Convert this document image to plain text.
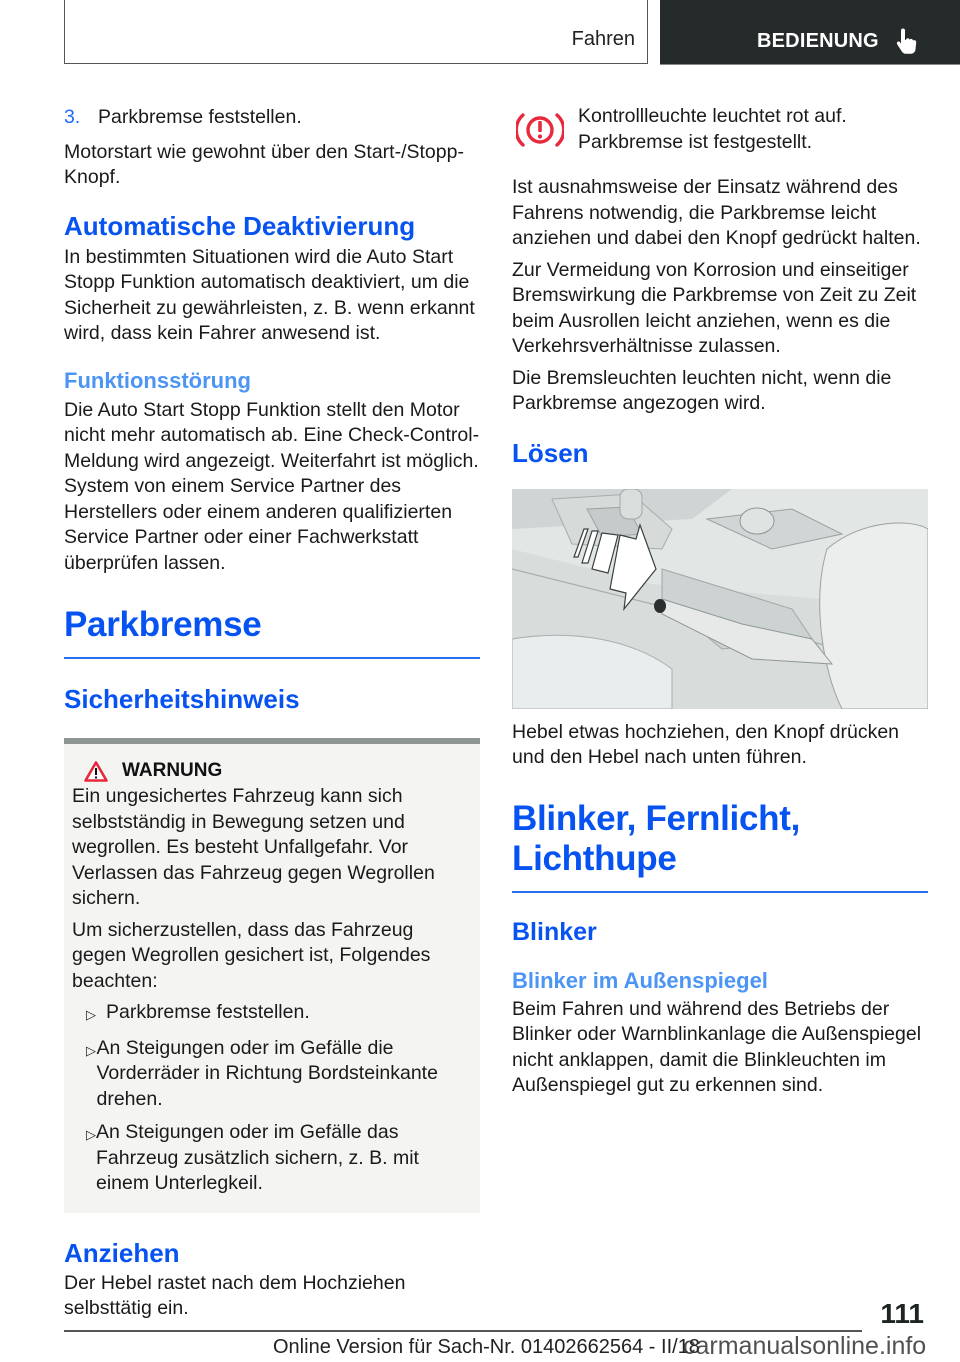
Fahren	BEDIENUNG
3. Parkbremse feststellen.

Motorstart wie gewohnt über den Start-/Stopp-Knopf.

Automatische Deaktivierung

In bestimmten Situationen wird die Auto Start Stopp Funktion automatisch deaktiviert, um die Sicherheit zu gewährleisten, z. B. wenn erkannt wird, dass kein Fahrer anwesend ist.

Funktionsstörung

Die Auto Start Stopp Funktion stellt den Motor nicht mehr automatisch ab. Eine Check-Control-Meldung wird angezeigt. Weiterfahrt ist möglich. System von einem Service Partner des Herstellers oder einem anderen qualifizierten Service Partner oder einer Fachwerkstatt überprüfen lassen.

Parkbremse
Sicherheitshinweis
WARNUNG

Ein ungesichertes Fahrzeug kann sich selbstständig in Bewegung setzen und wegrollen. Es besteht Unfallgefahr. Vor Verlassen das Fahrzeug gegen Wegrollen sichern.

Um sicherzustellen, dass das Fahrzeug gegen Wegrollen gesichert ist, Folgendes beachten:

▷ Parkbremse feststellen.
▷ An Steigungen oder im Gefälle die Vorderräder in Richtung Bordsteinkante drehen.
▷ An Steigungen oder im Gefälle das Fahrzeug zusätzlich sichern, z. B. mit einem Unterlegkeil.
Anziehen

Der Hebel rastet nach dem Hochziehen selbsttätig ein.

Kontrollleuchte leuchtet rot auf. Parkbremse ist festgestellt.

Ist ausnahmsweise der Einsatz während des Fahrens notwendig, die Parkbremse leicht anziehen und dabei den Knopf gedrückt halten.

Zur Vermeidung von Korrosion und einseitiger Bremswirkung die Parkbremse von Zeit zu Zeit beim Ausrollen leicht anziehen, wenn es die Verkehrsverhältnisse zulassen.

Die Bremsleuchten leuchten nicht, wenn die Parkbremse angezogen wird.

Lösen

Hebel etwas hochziehen, den Knopf drücken und den Hebel nach unten führen.

Blinker, Fernlicht,
Lichthupe
Blinker
Blinker im Außenspiegel

Beim Fahren und während des Betriebs der Blinker oder Warnblinkanlage die Außenspiegel nicht anklappen, damit die Blinkleuchten im Außenspiegel gut zu erkennen sind.

111
Online Version für Sach-Nr. 01402662564 - II/18
carmanualsonline.info
